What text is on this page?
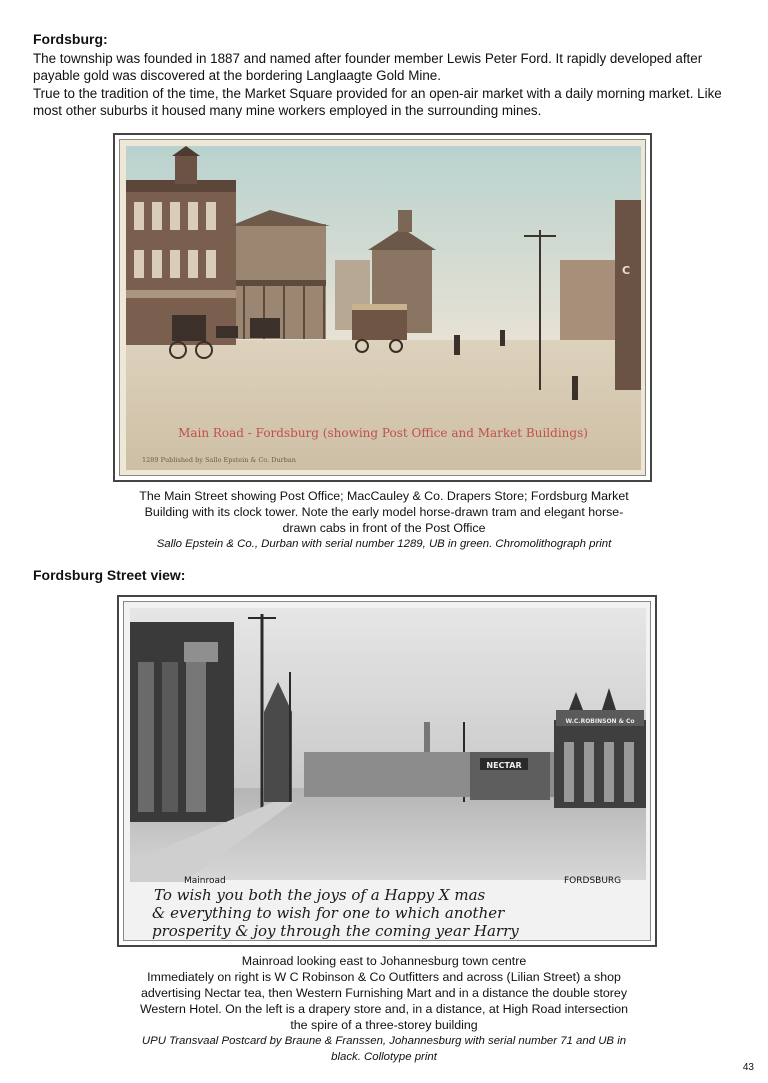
Fordsburg:

The township was founded in 1887 and named after founder member Lewis Peter Ford. It rapidly developed after payable gold was discovered at the bordering Langlaagte Gold Mine.

True to the tradition of the time, the Market Square provided for an open-air market with a daily morning market. Like most other suburbs it housed many mine workers employed in the surrounding mines.

Main Road - Fordsburg (showing Post Office and Market Buildings)
1289 Published by Sallo Epstein & Co. Durban
C
The Main Street showing Post Office; MacCauley & Co. Drapers Store; Fordsburg Market
Building with its clock tower. Note the early model horse-drawn tram and elegant horse-
drawn cabs in front of the Post Office
Sallo Epstein & Co., Durban with serial number 1289, UB in green. Chromolithograph print
Fordsburg Street view:
W.C.ROBINSON & Co
NECTAR
Mainroad	FORDSBURG
To wish you both the joys of a Happy X mas
& everything to wish for one to which another
prosperity & joy through the coming year Harry
Mainroad looking east to Johannesburg town centre
Immediately on right is W C Robinson & Co Outfitters and across (Lilian Street) a shop
advertising Nectar tea, then Western Furnishing Mart and in a distance the double storey
Western Hotel. On the left is a drapery store and, in a distance, at High Road intersection
the spire of a three-storey building
UPU Transvaal Postcard by Braune & Franssen, Johannesburg with serial number 71 and UB in
black. Collotype print

43
